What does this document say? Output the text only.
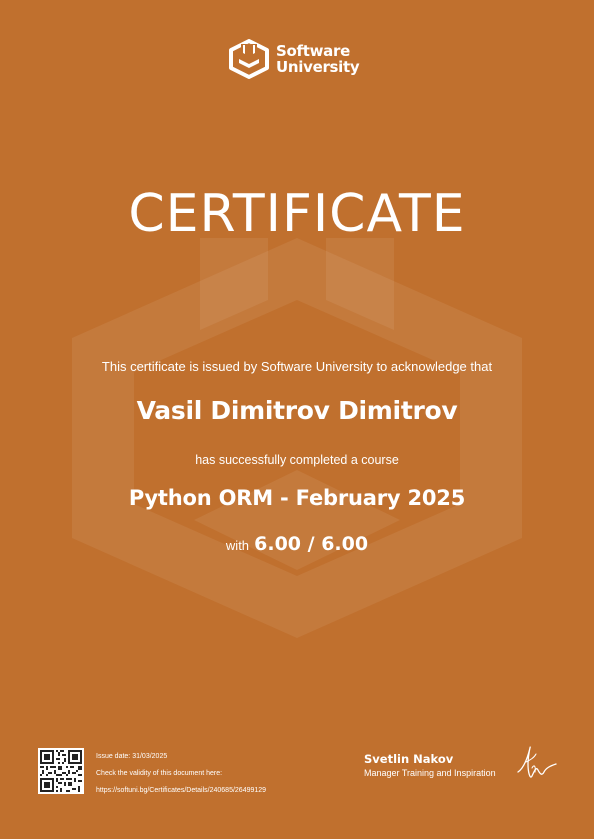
Software
University
CERTIFICATE
This certificate is issued by Software University to acknowledge that
Vasil Dimitrov Dimitrov
has successfully completed a course
Python ORM - February 2025
with 6.00 / 6.00
Issue date: 31/03/2025
Check the validity of this document here:
https://softuni.bg/Certificates/Details/240685/26499129
Svetlin Nakov
Manager Training and Inspiration
